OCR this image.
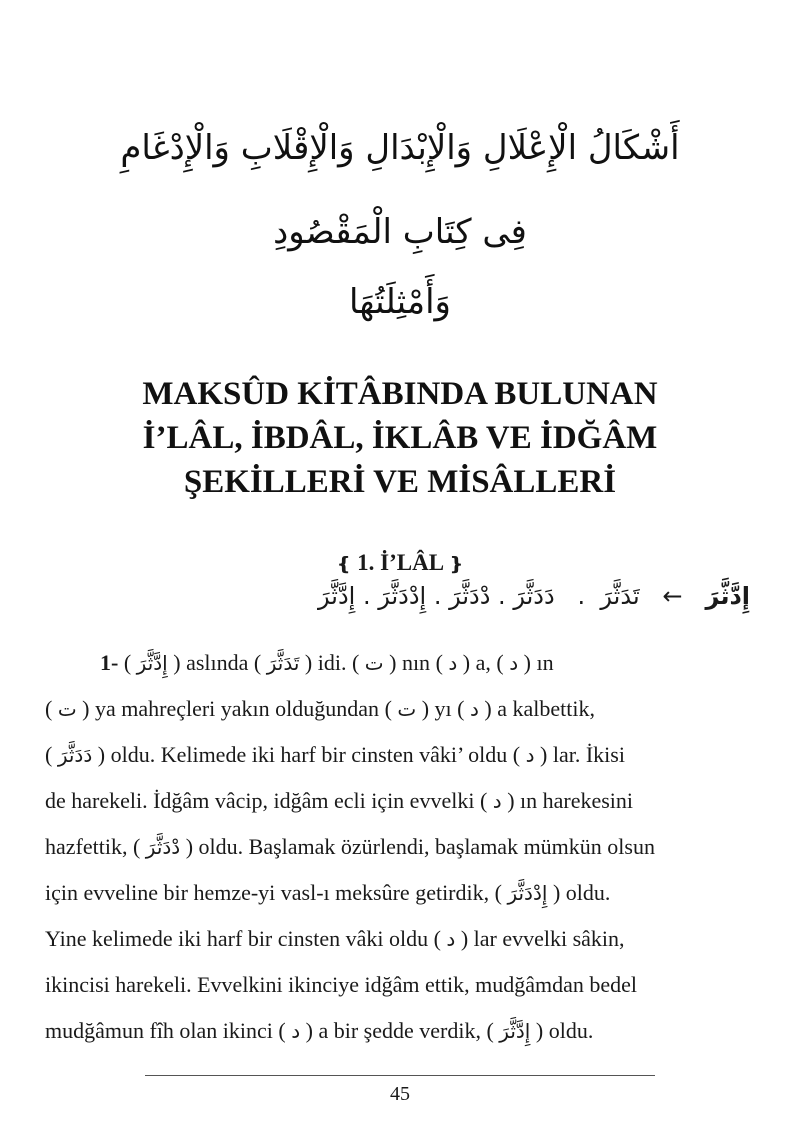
أَشْكَالُ الْإِعْلَالِ وَالْإِبْدَالِ وَالْإِقْلَابِ وَالْإِدْغَامِ
فِى كِتَابِ الْمَقْصُودِ
وَأَمْثِلَتُهَا
MAKSÛD KİTÂBINDA BULUNAN
İ’LÂL, İBDÂL, İKLÂB VE İDĞÂM
ŞEKİLLERİ VE MİSÂLLERİ
❴ 1. İ’LÂL ❵
إِدَّثَّرَ   ←   تَدَثَّرَ  .   دَدَثَّرَ . دْدَثَّرَ . إِدْدَثَّرَ . إِدَّثَّرَ
1- ( إِدَّثَّرَ ) aslında ( تَدَثَّرَ ) idi. ( ت ) nın ( د ) a, ( د ) ın
( ت ) ya mahreçleri yakın olduğundan ( ت ) yı ( د ) a kalbettik,
( دَدَثَّرَ ) oldu. Kelimede iki harf bir cinsten vâki’ oldu ( د ) lar. İkisi
de harekeli. İdğâm vâcip, idğâm ecli için evvelki ( د ) ın harekesini
hazfettik, ( دْدَثَّرَ ) oldu. Başlamak özürlendi, başlamak mümkün olsun
için evveline bir hemze-yi vasl-ı meksûre getirdik, ( إِدْدَثَّرَ ) oldu.
Yine kelimede iki harf bir cinsten vâki oldu ( د ) lar evvelki sâkin,
ikincisi harekeli. Evvelkini ikinciye idğâm ettik, mudğâmdan bedel
mudğâmun fîh olan ikinci ( د ) a bir şedde verdik, ( إِدَّثَّرَ ) oldu.
45
